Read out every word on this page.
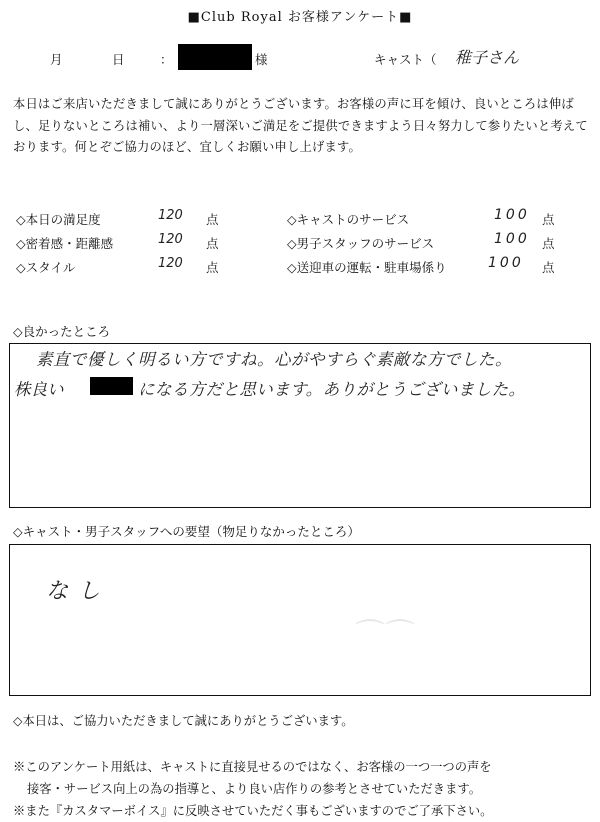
■Club Royal お客様アンケート■
月	日	：	様	キャスト（ 稚子さん
本日はご来店いただきまして誠にありがとうございます。お客様の声に耳を傾け、良いところは伸ばし、足りないところは補い、より一層深いご満足をご提供できますよう日々努力して参りたいと考えております。何とぞご協力のほど、宜しくお願い申し上げます。
◇本日の満足度	120 点
◇密着感・距離感	120 点
◇スタイル	120 点
◇キャストのサービス	100 点
◇男子スタッフのサービス	100 点
◇送迎車の運転・駐車場係り	100 点
◇良かったところ
素直で優しく明るい方ですね。心がやすらぐ素敵な方でした。
株良い	になる方だと思います。ありがとうございました。
◇キャスト・男子スタッフへの要望（物足りなかったところ）
⌒⌒
なし
◇本日は、ご協力いただきまして誠にありがとうございます。
※このアンケート用紙は、キャストに直接見せるのではなく、お客様の一つ一つの声を
接客・サービス向上の為の指導と、より良い店作りの参考とさせていただきます。
※また『カスタマーボイス』に反映させていただく事もございますのでご了承下さい。
